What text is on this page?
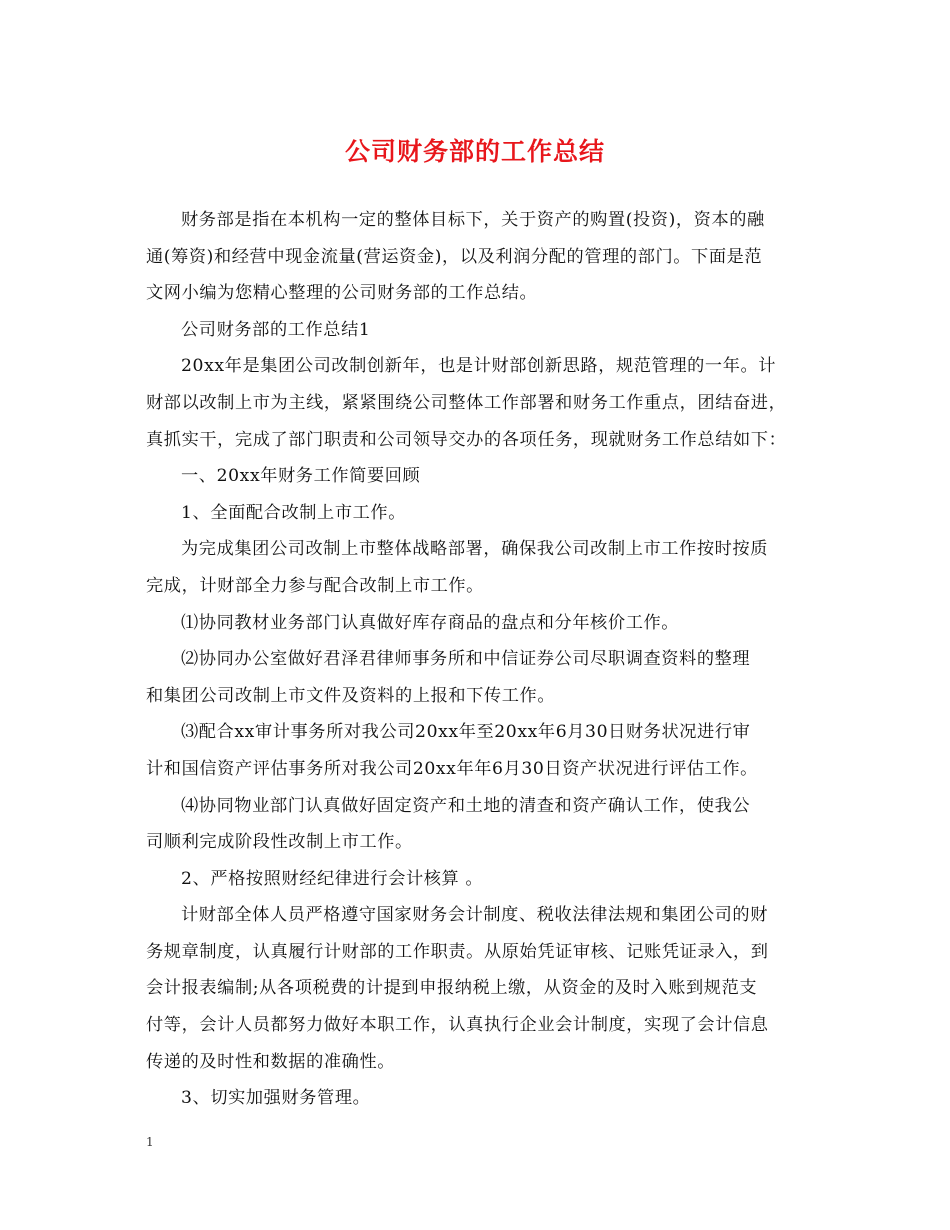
公司财务部的工作总结
财务部是指在本机构一定的整体目标下，关于资产的购置(投资)，资本的融
通(筹资)和经营中现金流量(营运资金)，以及利润分配的管理的部门。下面是范
文网小编为您精心整理的公司财务部的工作总结。
公司财务部的工作总结1
20xx年是集团公司改制创新年，也是计财部创新思路，规范管理的一年。计
财部以改制上市为主线，紧紧围绕公司整体工作部署和财务工作重点，团结奋进，
真抓实干，完成了部门职责和公司领导交办的各项任务，现就财务工作总结如下：
一、20xx年财务工作简要回顾
1、全面配合改制上市工作。
为完成集团公司改制上市整体战略部署，确保我公司改制上市工作按时按质
完成，计财部全力参与配合改制上市工作。
⑴协同教材业务部门认真做好库存商品的盘点和分年核价工作。
⑵协同办公室做好君泽君律师事务所和中信证券公司尽职调查资料的整理
和集团公司改制上市文件及资料的上报和下传工作。
⑶配合xx审计事务所对我公司20xx年至20xx年6月30日财务状况进行审
计和国信资产评估事务所对我公司20xx年年6月30日资产状况进行评估工作。
⑷协同物业部门认真做好固定资产和土地的清查和资产确认工作，使我公
司顺利完成阶段性改制上市工作。
2、严格按照财经纪律进行会计核算 。
计财部全体人员严格遵守国家财务会计制度、税收法律法规和集团公司的财
务规章制度，认真履行计财部的工作职责。从原始凭证审核、记账凭证录入，到
会计报表编制;从各项税费的计提到申报纳税上缴，从资金的及时入账到规范支
付等，会计人员都努力做好本职工作，认真执行企业会计制度，实现了会计信息
传递的及时性和数据的准确性。
3、切实加强财务管理。
1
